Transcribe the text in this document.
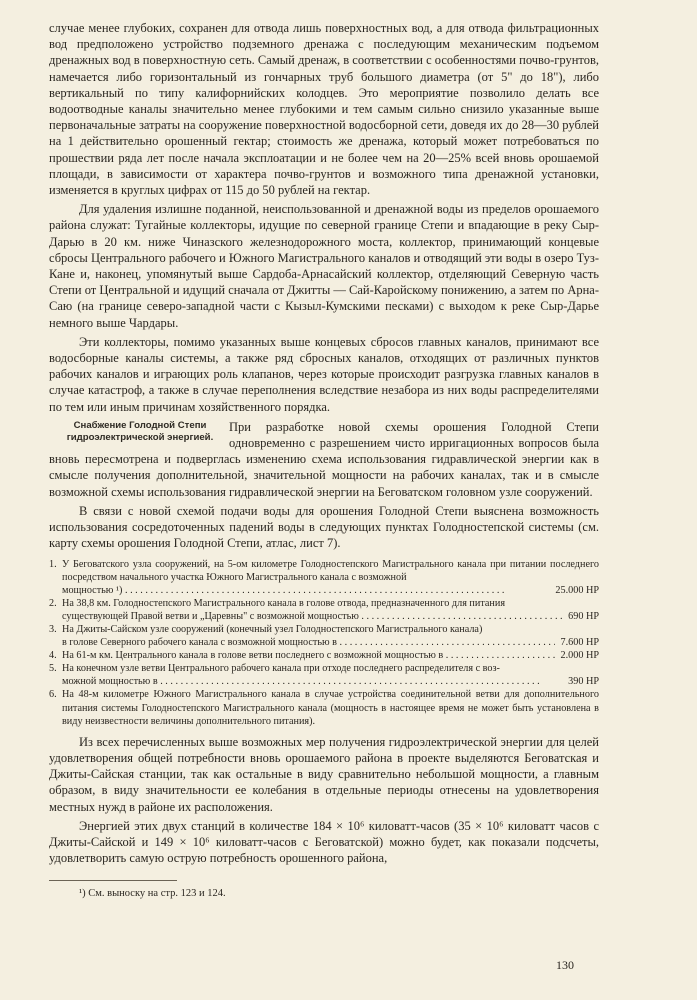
случае менее глубоких, сохранен для отвода лишь поверхностных вод, а для отвода фильтрационных вод предположено устройство подземного дренажа с последующим механическим подъемом дренажных вод в поверхностную сеть. Самый дренаж, в соответствии с особенностями почво-грунтов, намечается либо горизонтальный из гончарных труб большого диаметра (от 5" до 18"), либо вертикальный по типу калифорнийских колодцев. Это мероприятие позволило делать все водоотводные каналы значительно менее глубокими и тем самым сильно снизило указанные выше первоначальные затраты на сооружение поверхностной водосборной сети, доведя их до 28—30 рублей на 1 действительно орошенный гектар; стоимость же дренажа, который может потребоваться по прошествии ряда лет после начала эксплоатации и не более чем на 20—25% всей вновь орошаемой площади, в зависимости от характера почво-грунтов и возможного типа дренажной установки, изменяется в круглых цифрах от 115 до 50 рублей на гектар.

Для удаления излишне поданной, неиспользованной и дренажной воды из пределов орошаемого района служат: Тугайные коллекторы, идущие по северной границе Степи и впадающие в реку Сыр-Дарью в 20 км. ниже Чиназского железнодорожного моста, коллектор, принимающий концевые сбросы Центрального рабочего и Южного Магистрального каналов и отводящий эти воды в озеро Туз-Кане и, наконец, упомянутый выше Сардоба-Арнасайский коллектор, отделяющий Северную часть Степи от Центральной и идущий сначала от Джитты — Сай-Каройскому понижению, а затем по Арна-Саю (на границе северо-западной части с Кызыл-Кумскими песками) с выходом к реке Сыр-Дарье немного выше Чардары.

Эти коллекторы, помимо указанных выше концевых сбросов главных каналов, принимают все водосборные каналы системы, а также ряд сбросных каналов, отходящих от различных пунктов рабочих каналов и играющих роль клапанов, через которые происходит разгрузка главных каналов в случае катастроф, а также в случае переполнения вследствие незабора из них воды распределителями по тем или иным причинам хозяйственного порядка.

Снабжение Голодной Степи гидроэлектрической энергией.

При разработке новой схемы орошения Голодной Степи одновременно с разрешением чисто ирригационных вопросов была вновь пересмотрена и подверглась изменению схема использования гидравлической энергии как в смысле получения дополнительной, значительной мощности на рабочих каналах, так и в смысле возможной схемы использования гидравлической энергии на Беговатском головном узле сооружений.

В связи с новой схемой подачи воды для орошения Голодной Степи выяснена возможность использования сосредоточенных падений воды в следующих пунктах Голодностепской системы (см. карту схемы орошения Голодной Степи, атлас, лист 7).

1. У Беговатского узла сооружений, на 5-ом километре Голодностепского Магистрального канала при питании последнего посредством начального участка Южного Магистрального канала с возможной
мощностью ¹) . . .	25.000 НР
2. На 38,8 км. Голодностепского Магистрального канала в голове отвода, предназначенного для питания
существующей Правой ветви и „Царевны" с возможной мощностью . . .	690 НР
3. На Джиты-Сайском узле сооружений (конечный узел Голодностепского Магистрального канала)
в голове Северного рабочего канала с возможной мощностью в . . .	7.600 НР
4. На 61-м км. Центрального канала в голове ветви последнего с возможной мощностью в . . .	2.000 НР
5. На конечном узле ветви Центрального рабочего канала при отходе последнего распределителя с воз-
можной мощностью в . . .	390 НР
6. На 48-м километре Южного Магистрального канала в случае устройства соединительной ветви для дополнительного питания системы Голодностепского Магистрального канала (мощность в настоящее время не может быть установлена в виду неизвестности величины дополнительного питания).

Из всех перечисленных выше возможных мер получения гидроэлектрической энергии для целей удовлетворения общей потребности вновь орошаемого района в проекте выделяются Беговатская и Джиты-Сайская станции, так как остальные в виду сравнительно небольшой мощности, а главным образом, в виду значительности ее колебания в отдельные периоды отнесены на удовлетворения местных нужд в районе их расположения.

Энергией этих двух станций в количестве 184 × 10⁶ киловатт-часов (35 × 10⁶ киловатт часов с Джиты-Сайской и 149 × 10⁶ киловатт-часов с Беговатской) можно будет, как показали подсчеты, удовлетворить самую острую потребность орошенного района,

¹) См. выноску на стр. 123 и 124.
130
